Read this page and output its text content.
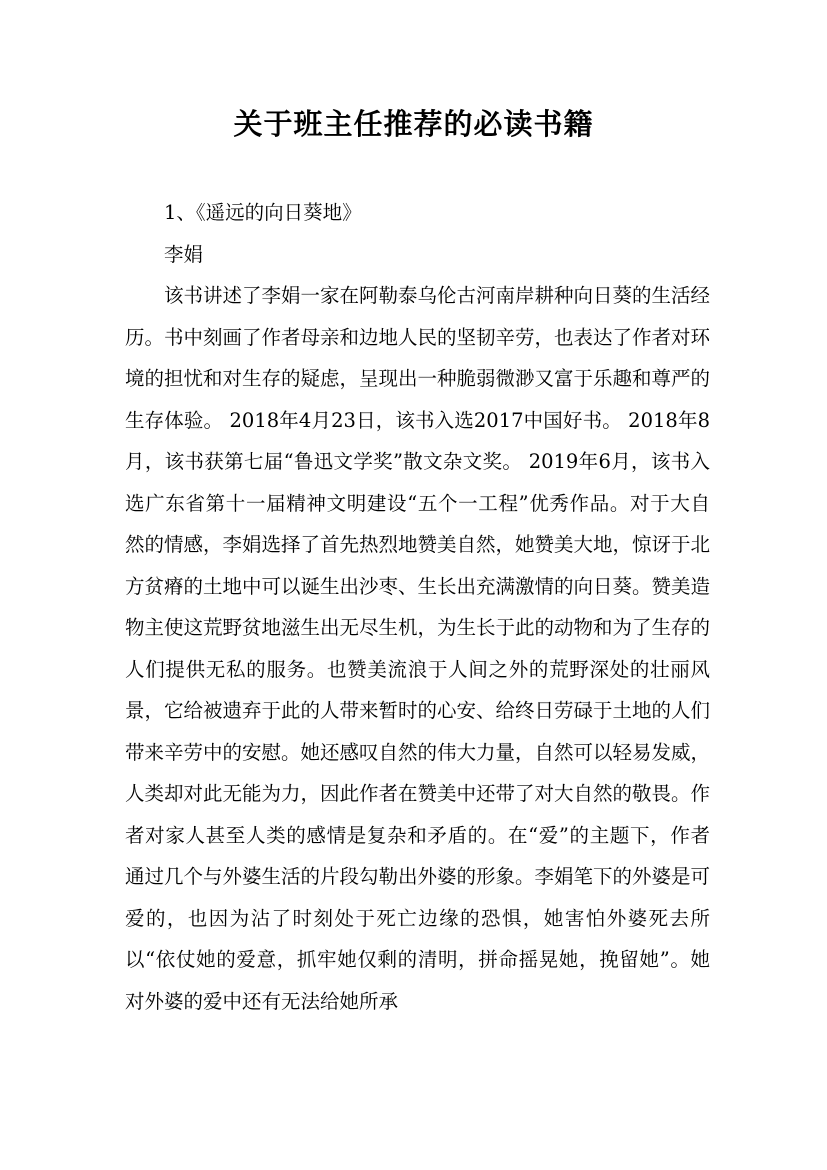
关于班主任推荐的必读书籍

1、《遥远的向日葵地》

李娟

该书讲述了李娟一家在阿勒泰乌伦古河南岸耕种向日葵的生活经历。书中刻画了作者母亲和边地人民的坚韧辛劳，也表达了作者对环境的担忧和对生存的疑虑，呈现出一种脆弱微渺又富于乐趣和尊严的生存体验。 2018年4月23日，该书入选2017中国好书。 2018年8月，该书获第七届“鲁迅文学奖”散文杂文奖。 2019年6月，该书入选广东省第十一届精神文明建设“五个一工程”优秀作品。对于大自然的情感，李娟选择了首先热烈地赞美自然，她赞美大地，惊讶于北方贫瘠的土地中可以诞生出沙枣、生长出充满激情的向日葵。赞美造物主使这荒野贫地滋生出无尽生机，为生长于此的动物和为了生存的人们提供无私的服务。也赞美流浪于人间之外的荒野深处的壮丽风景，它给被遗弃于此的人带来暂时的心安、给终日劳碌于土地的人们带来辛劳中的安慰。她还感叹自然的伟大力量，自然可以轻易发威，人类却对此无能为力，因此作者在赞美中还带了对大自然的敬畏。作者对家人甚至人类的感情是复杂和矛盾的。在“爱”的主题下，作者通过几个与外婆生活的片段勾勒出外婆的形象。李娟笔下的外婆是可爱的，也因为沾了时刻处于死亡边缘的恐惧，她害怕外婆死去所以“依仗她的爱意，抓牢她仅剩的清明，拼命摇晃她，挽留她”。她对外婆的爱中还有无法给她所承
